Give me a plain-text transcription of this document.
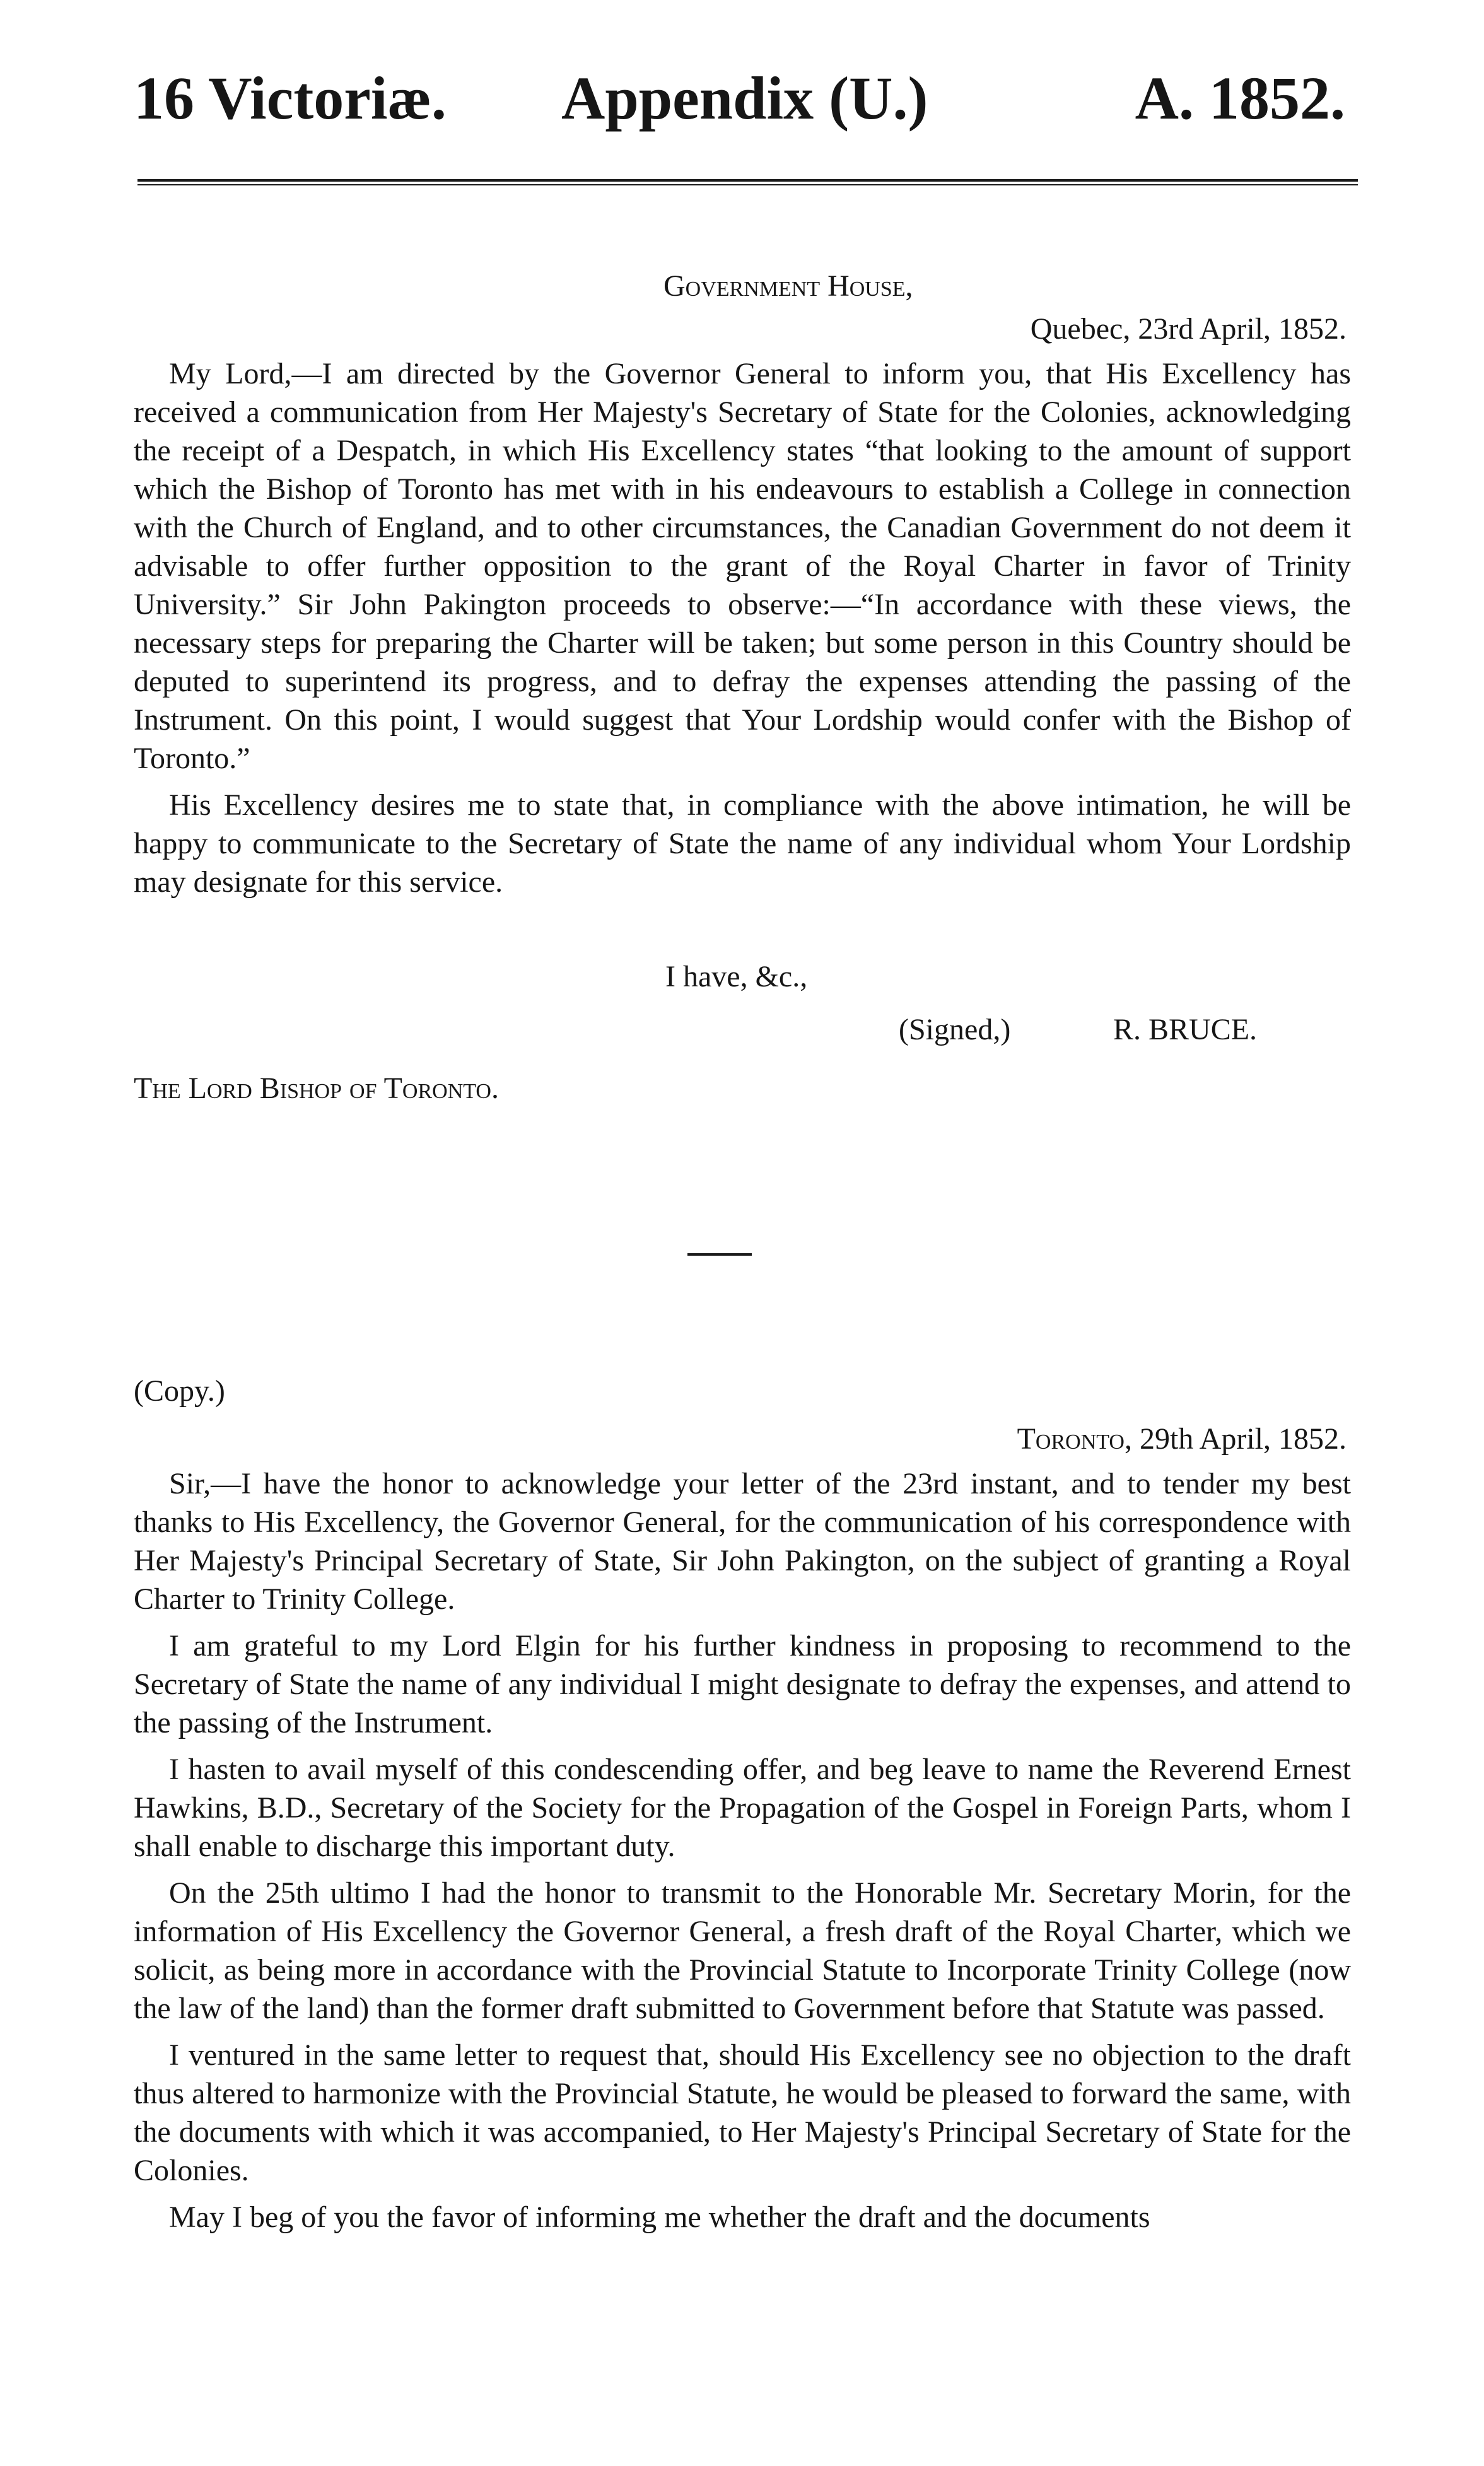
16 Victoriæ. Appendix (U.)	A. 1852.
Government House,
Quebec, 23rd April, 1852.

My Lord,—I am directed by the Governor General to inform you, that His Excellency has received a communication from Her Majesty's Secretary of State for the Colonies, acknowledging the receipt of a Despatch, in which His Excellency states “that looking to the amount of support which the Bishop of Toronto has met with in his endeavours to establish a College in connection with the Church of England, and to other circumstances, the Canadian Government do not deem it advisable to offer further opposition to the grant of the Royal Charter in favor of Trinity University.” Sir John Pakington proceeds to observe:—“In accordance with these views, the necessary steps for preparing the Charter will be taken; but some person in this Country should be deputed to superintend its progress, and to defray the expenses attending the passing of the Instrument. On this point, I would suggest that Your Lordship would confer with the Bishop of Toronto.”

His Excellency desires me to state that, in compliance with the above intimation, he will be happy to communicate to the Secretary of State the name of any individual whom Your Lordship may designate for this service.

I have, &c.,
(Signed,)	R. BRUCE.
The Lord Bishop of Toronto.
(Copy.)
Toronto, 29th April, 1852.

Sir,—I have the honor to acknowledge your letter of the 23rd instant, and to tender my best thanks to His Excellency, the Governor General, for the communication of his correspondence with Her Majesty's Principal Secretary of State, Sir John Pakington, on the subject of granting a Royal Charter to Trinity College.

I am grateful to my Lord Elgin for his further kindness in proposing to recommend to the Secretary of State the name of any individual I might designate to defray the expenses, and attend to the passing of the Instrument.

I hasten to avail myself of this condescending offer, and beg leave to name the Reverend Ernest Hawkins, B.D., Secretary of the Society for the Propagation of the Gospel in Foreign Parts, whom I shall enable to discharge this important duty.

On the 25th ultimo I had the honor to transmit to the Honorable Mr. Secretary Morin, for the information of His Excellency the Governor General, a fresh draft of the Royal Charter, which we solicit, as being more in accordance with the Provincial Statute to Incorporate Trinity College (now the law of the land) than the former draft submitted to Government before that Statute was passed.

I ventured in the same letter to request that, should His Excellency see no objection to the draft thus altered to harmonize with the Provincial Statute, he would be pleased to forward the same, with the documents with which it was accompanied, to Her Majesty's Principal Secretary of State for the Colonies.

May I beg of you the favor of informing me whether the draft and the documents
